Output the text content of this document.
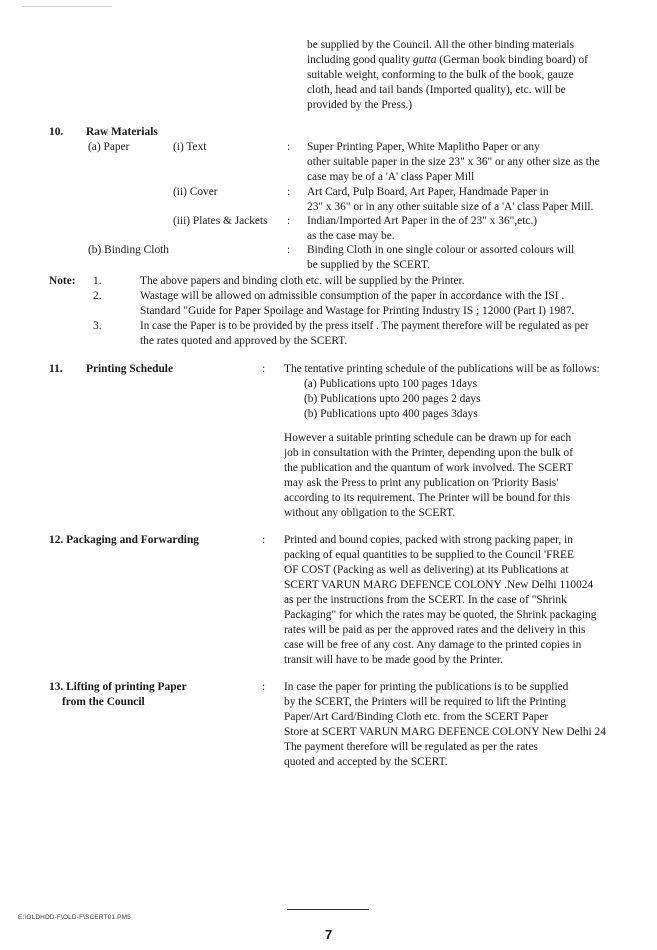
be supplied by the Council. All the other binding materials
including good quality gutta (German book binding board) of
suitable weight, conforming to the bulk of the book, gauze
cloth, head and tail bands (Imported quality), etc. will be
provided by the Press.)
10. Raw Materials
(a) Paper	(i) Text	: Super Printing Paper, White Maplitho Paper or any
other suitable paper in the size 23" x 36" or any other size as the
case may be of a 'A' class Paper Mill
(ii) Cover	: Art Card, Pulp Board, Art Paper, Handmade Paper in
23" x 36" or in any other suitable size of a 'A' class Paper Mill.
(iii) Plates & Jackets : Indian/Imported Art Paper in the of 23" x 36",etc.)
as the case may be.
(b) Binding Cloth	: Binding Cloth in one single colour or assorted colours will
be supplied by the SCERT.
Note: 1.	The above papers and binding cloth etc. will be supplied by the Printer.
2.	Wastage will be allowed on admissible consumption of the paper in accordance with the ISI .
Standard "Guide for Paper Spoilage and Wastage for Printing Industry IS ; 12000 (Part I) 1987.
3.	In case the Paper is to be provided by the press itself . The payment therefore will be regulated as per
the rates quoted and approved by the SCERT.
11. Printing Schedule	: The tentative printing schedule of the publications will be as follows:
(a) Publications upto 100 pages 1days
(b) Publications upto 200 pages 2 days
(b) Publications upto 400 pages 3days
However a suitable printing schedule can be drawn up for each
job in consultation with the Printer, depending upon the bulk of
the publication and the quantum of work involved. The SCERT
may ask the Press to print any publication on 'Priority Basis'
according to its requirement. The Printer will be bound for this
without any obligation to the SCERT.
12. Packaging and Forwarding	: Printed and bound copies, packed with strong packing paper, in
packing of equal quantities to be supplied to the Council 'FREE
OF COST (Packing as well as delivering) at its Publications at
SCERT VARUN MARG DEFENCE COLONY .New Delhi 110024
as per the instructions from the SCERT. In the case of "Shrink
Packaging" for which the rates may be quoted, the Shrink packaging
rates will be paid as per the approved rates and the delivery in this
case will be free of any cost. Any damage to the printed copies in
transit will have to be made good by the Printer.
13. Lifting of printing Paper
from the Council
: In case the paper for printing the publications is to be supplied
by the SCERT, the Printers will be required to lift the Printing
Paper/Art Card/Binding Cloth etc. from the SCERT Paper
Store at SCERT VARUN MARG DEFENCE COLONY New Delhi 24
The payment therefore will be regulated as per the rates
quoted and accepted by the SCERT.
E:\OLDHDD-F\OLD-F\SCERT01.PM5
7
